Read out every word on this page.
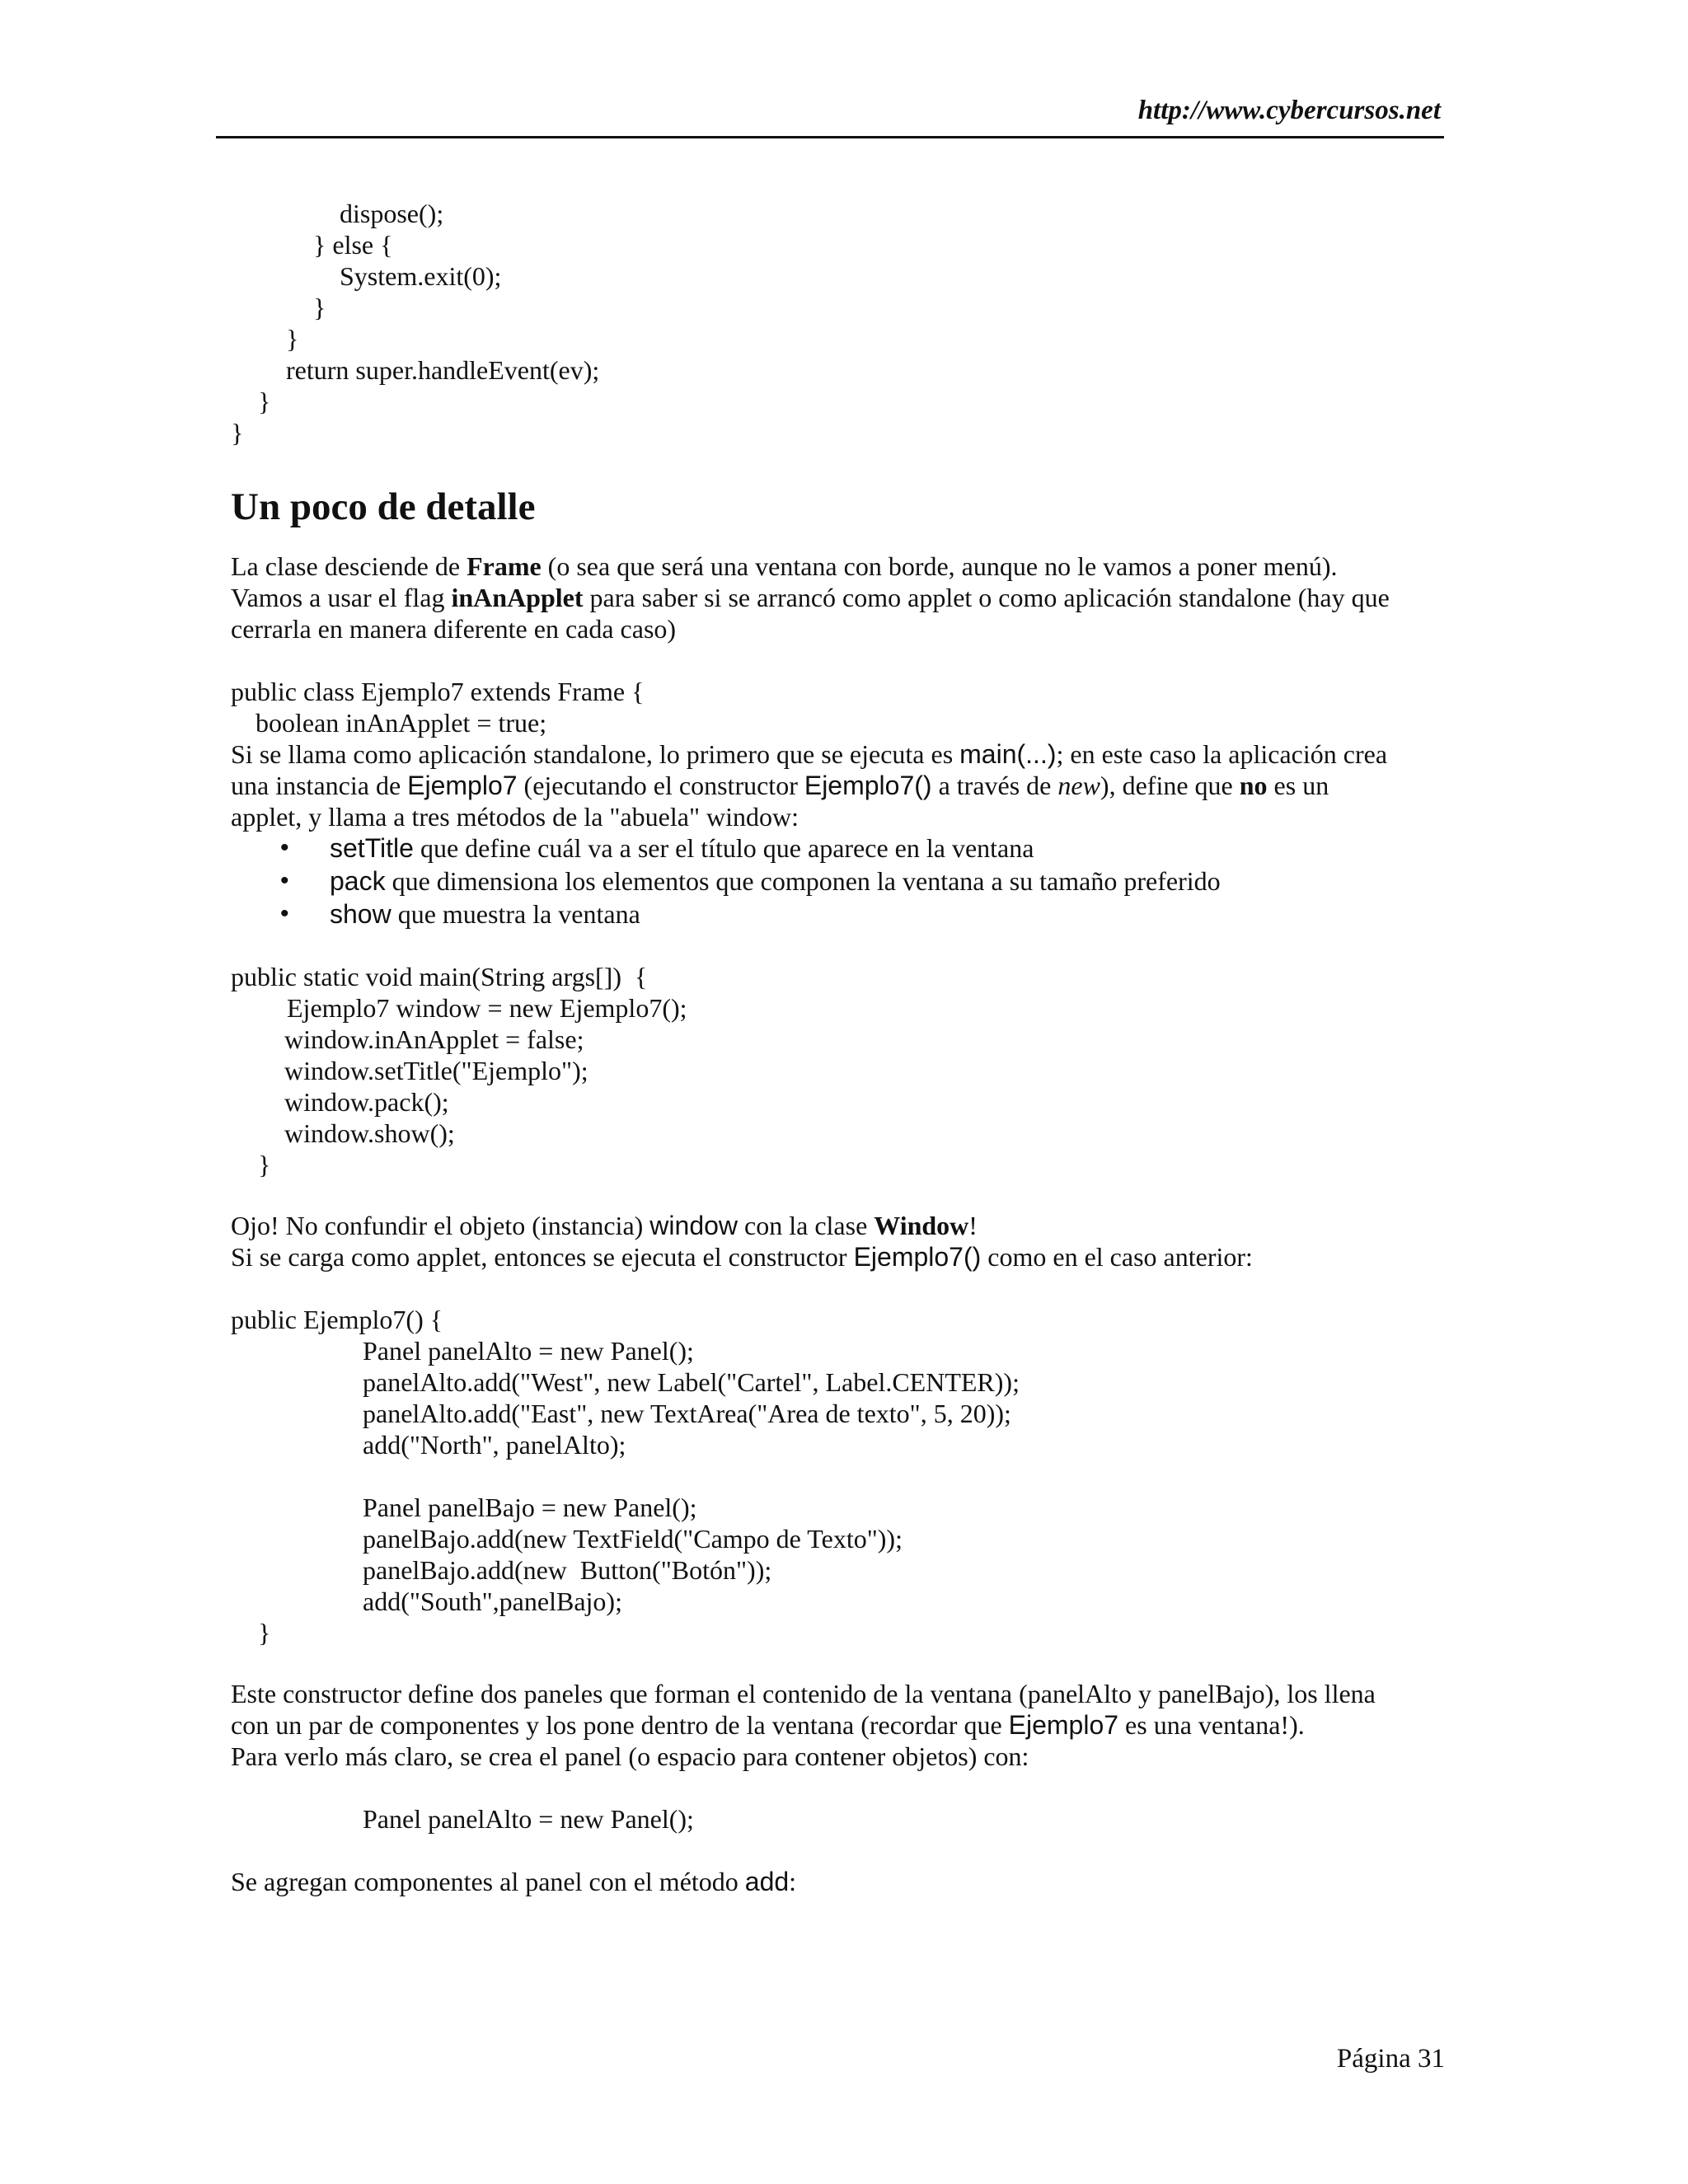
http://www.cybercursos.net
dispose();
} else {
System.exit(0);
}
}
return super.handleEvent(ev);
}
}
Un poco de detalle
La clase desciende de Frame (o sea que será una ventana con borde, aunque no le vamos a poner menú).
Vamos a usar el flag inAnApplet para saber si se arrancó como applet o como aplicación standalone (hay que
cerrarla en manera diferente en cada caso)
public class Ejemplo7 extends Frame {
boolean inAnApplet = true;
Si se llama como aplicación standalone, lo primero que se ejecuta es main(...); en este caso la aplicación crea
una instancia de Ejemplo7 (ejecutando el constructor Ejemplo7() a través de new), define que no es un
applet, y llama a tres métodos de la "abuela" window:
• setTitle que define cuál va a ser el título que aparece en la ventana
• pack que dimensiona los elementos que componen la ventana a su tamaño preferido
• show que muestra la ventana
public static void main(String args[])  {
Ejemplo7 window = new Ejemplo7();
window.inAnApplet = false;
window.setTitle("Ejemplo");
window.pack();
window.show();
}
Ojo! No confundir el objeto (instancia) window con la clase Window!
Si se carga como applet, entonces se ejecuta el constructor Ejemplo7() como en el caso anterior:
public Ejemplo7() {
Panel panelAlto = new Panel();
panelAlto.add("West", new Label("Cartel", Label.CENTER));
panelAlto.add("East", new TextArea("Area de texto", 5, 20));
add("North", panelAlto);
Panel panelBajo = new Panel();
panelBajo.add(new TextField("Campo de Texto"));
panelBajo.add(new  Button("Botón"));
add("South",panelBajo);
}
Este constructor define dos paneles que forman el contenido de la ventana (panelAlto y panelBajo), los llena
con un par de componentes y los pone dentro de la ventana (recordar que Ejemplo7 es una ventana!).
Para verlo más claro, se crea el panel (o espacio para contener objetos) con:
Panel panelAlto = new Panel();
Se agregan componentes al panel con el método add:
Página 31
